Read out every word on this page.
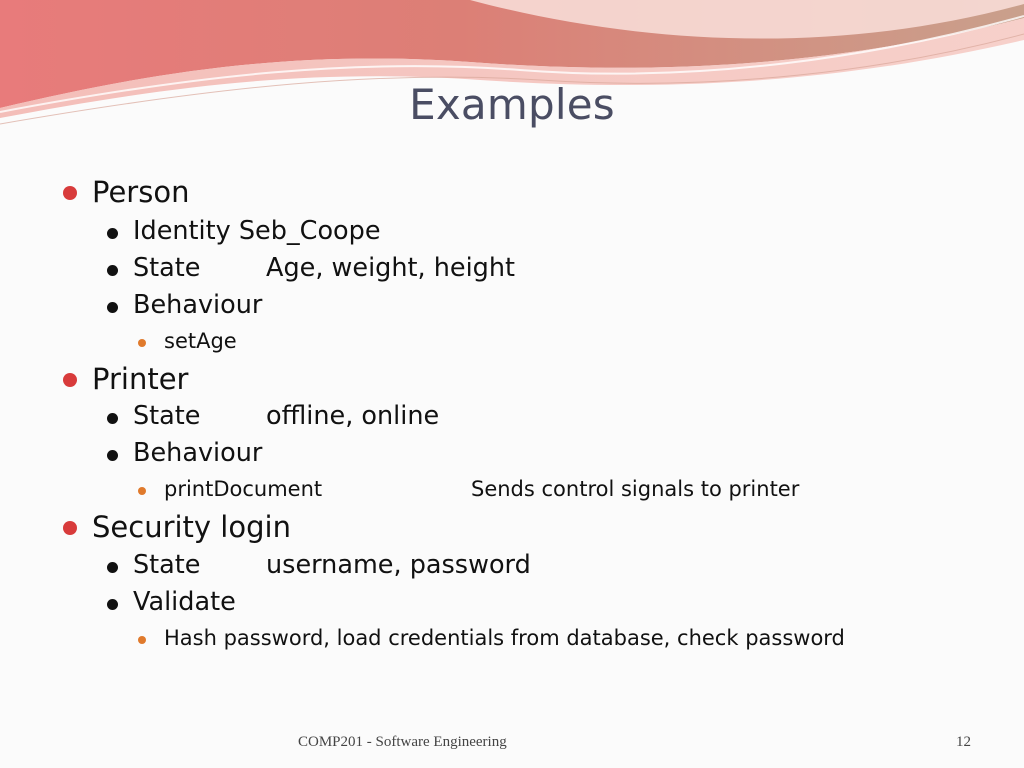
Examples
Person
Identity Seb_Coope
State	Age, weight, height
Behaviour
setAge
Printer
State	offline, online
Behaviour
printDocument	Sends control signals to printer
Security login
State	username, password
Validate
Hash password, load credentials from database, check password
COMP201 - Software Engineering	12
